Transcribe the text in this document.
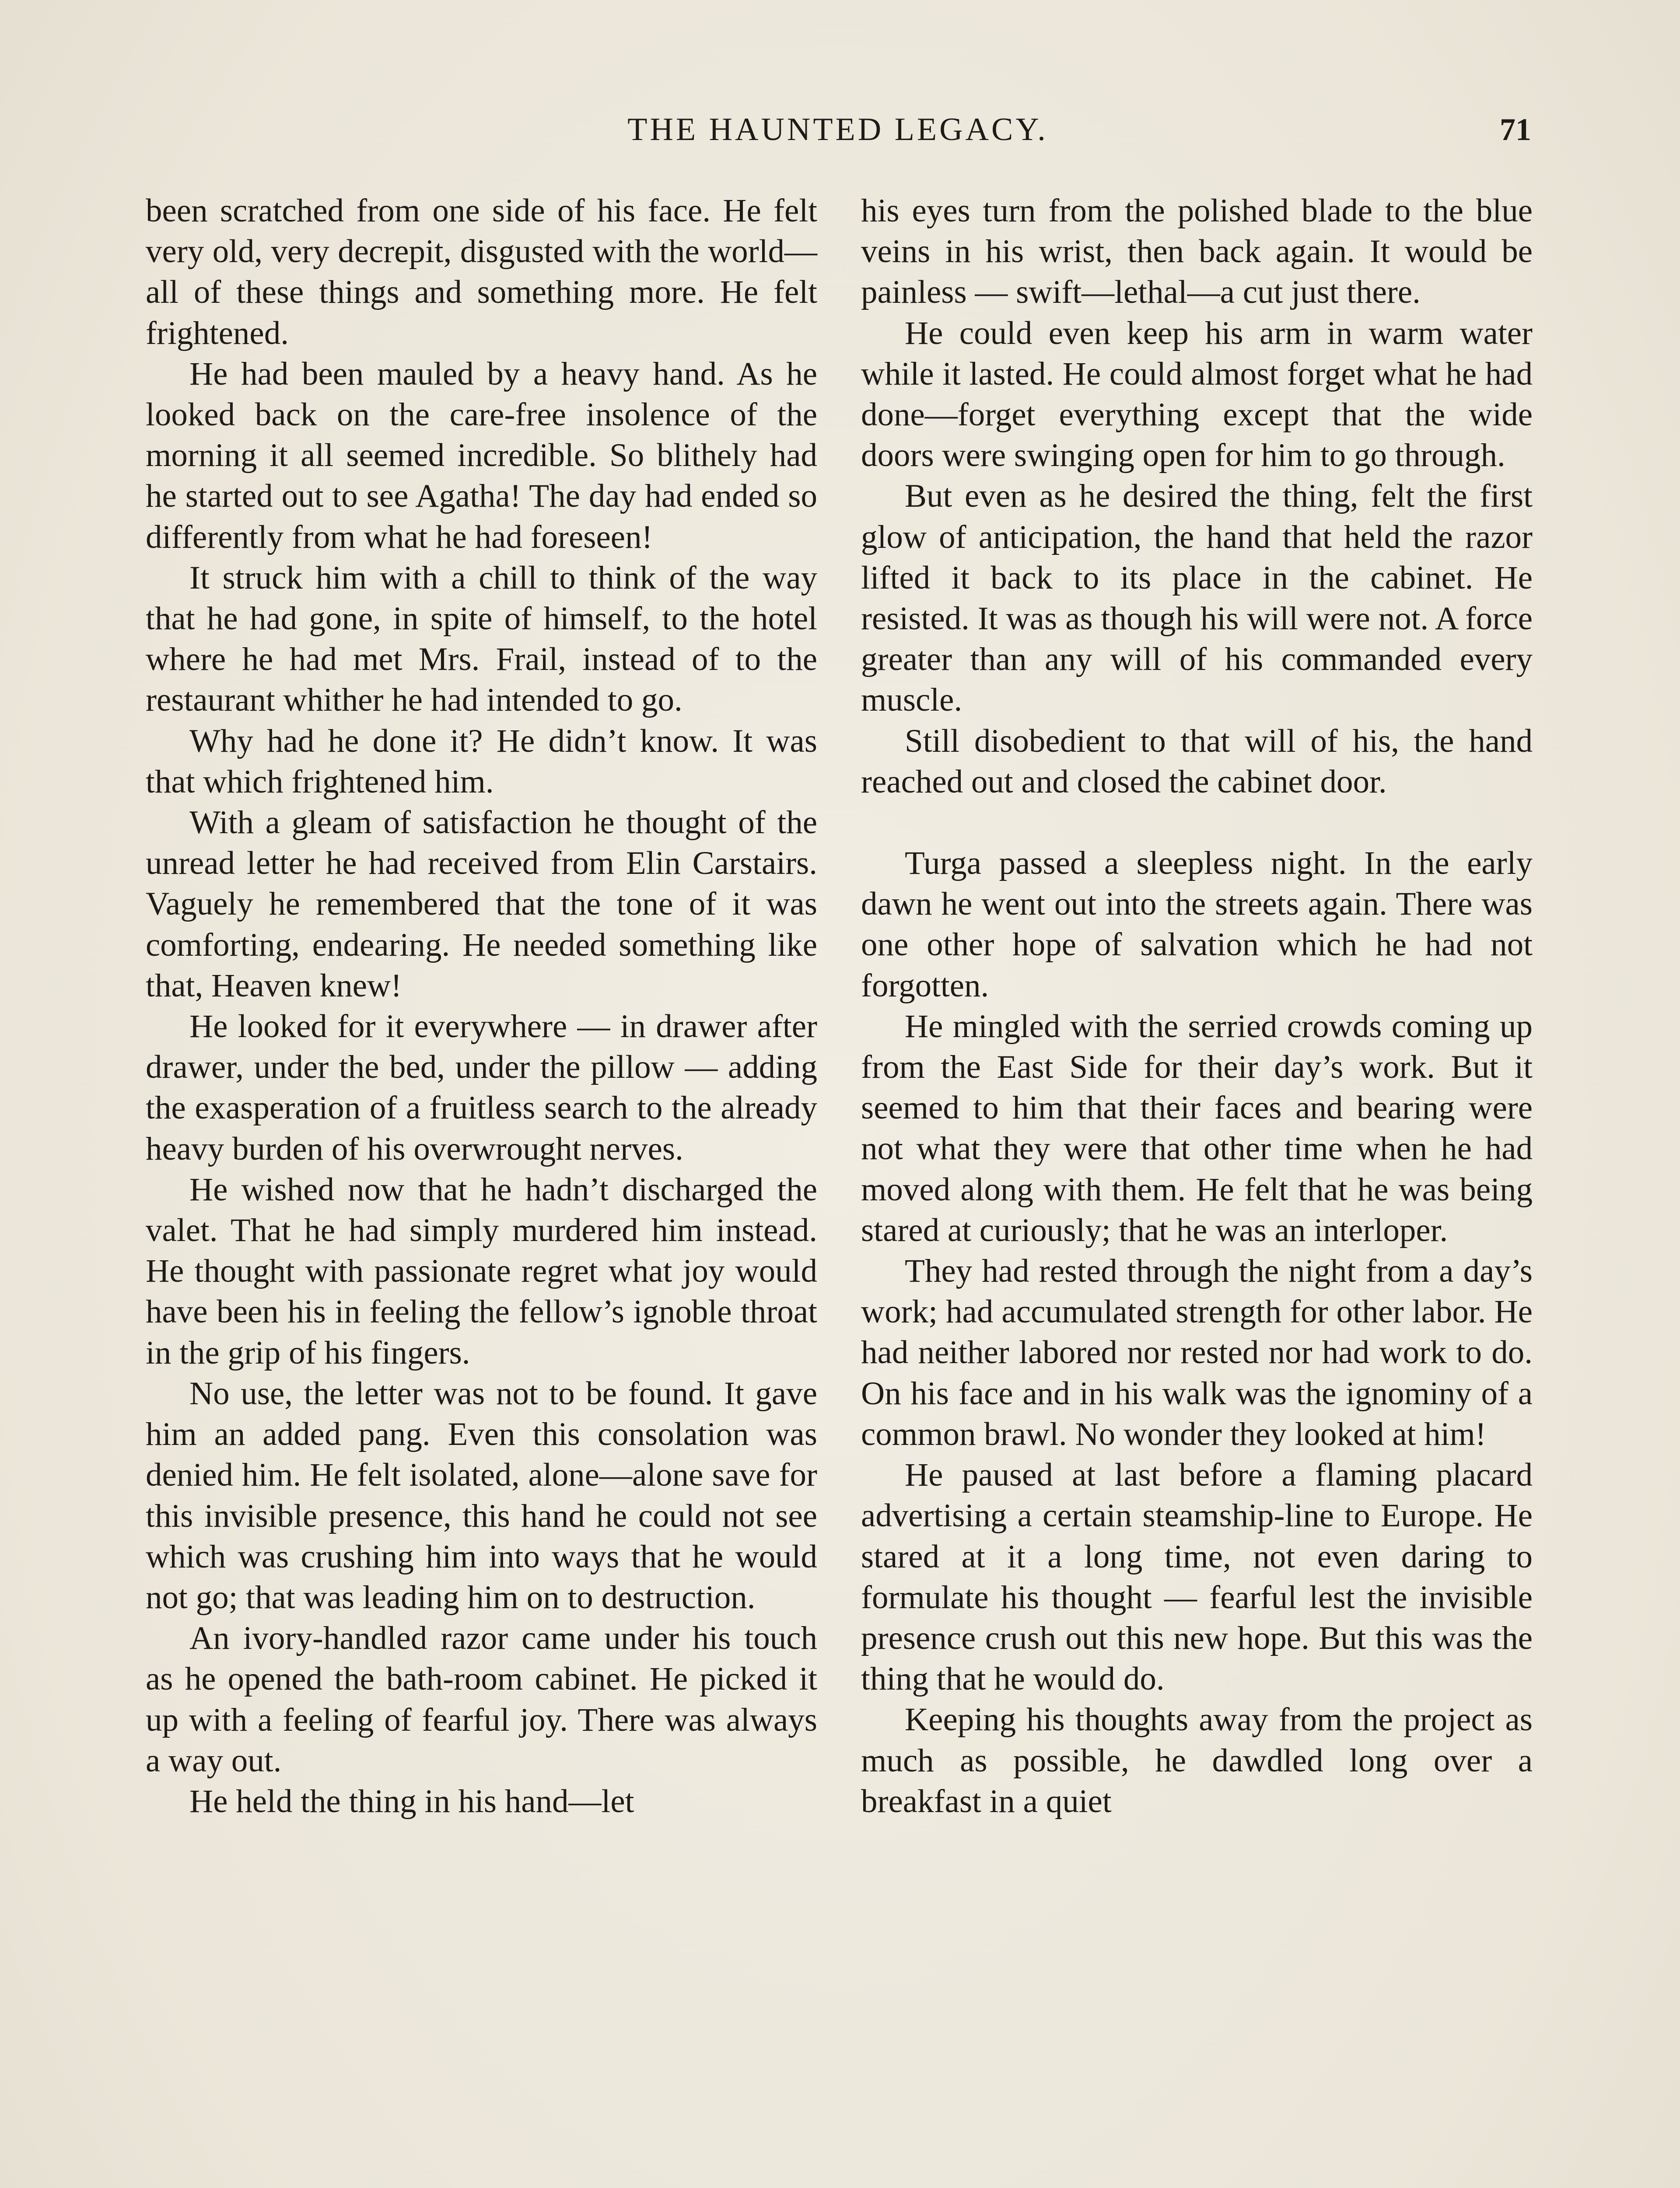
THE HAUNTED LEGACY.	71

been scratched from one side of his face. He felt very old, very decrepit, disgusted with the world—all of these things and something more. He felt frightened.

He had been mauled by a heavy hand. As he looked back on the care-free insolence of the morning it all seemed incredible. So blithely had he started out to see Agatha! The day had ended so differently from what he had foreseen!

It struck him with a chill to think of the way that he had gone, in spite of himself, to the hotel where he had met Mrs. Frail, instead of to the restaurant whither he had intended to go.

Why had he done it? He didn’t know. It was that which frightened him.

With a gleam of satisfaction he thought of the unread letter he had received from Elin Carstairs. Vaguely he remembered that the tone of it was comforting, endearing. He needed something like that, Heaven knew!

He looked for it everywhere — in drawer after drawer, under the bed, under the pillow — adding the exasperation of a fruitless search to the already heavy burden of his overwrought nerves.

He wished now that he hadn’t discharged the valet. That he had simply murdered him instead. He thought with passionate regret what joy would have been his in feeling the fellow’s ignoble throat in the grip of his fingers.

No use, the letter was not to be found. It gave him an added pang. Even this consolation was denied him. He felt isolated, alone—alone save for this invisible presence, this hand he could not see which was crushing him into ways that he would not go; that was leading him on to destruction.

An ivory-handled razor came under his touch as he opened the bath-room cabinet. He picked it up with a feeling of fearful joy. There was always a way out.

He held the thing in his hand—let

his eyes turn from the polished blade to the blue veins in his wrist, then back again. It would be painless — swift—lethal—a cut just there.

He could even keep his arm in warm water while it lasted. He could almost forget what he had done—forget everything except that the wide doors were swinging open for him to go through.

But even as he desired the thing, felt the first glow of anticipation, the hand that held the razor lifted it back to its place in the cabinet. He resisted. It was as though his will were not. A force greater than any will of his commanded every muscle.

Still disobedient to that will of his, the hand reached out and closed the cabinet door.

Turga passed a sleepless night. In the early dawn he went out into the streets again. There was one other hope of salvation which he had not forgotten.

He mingled with the serried crowds coming up from the East Side for their day’s work. But it seemed to him that their faces and bearing were not what they were that other time when he had moved along with them. He felt that he was being stared at curiously; that he was an interloper.

They had rested through the night from a day’s work; had accumulated strength for other labor. He had neither labored nor rested nor had work to do. On his face and in his walk was the ignominy of a common brawl. No wonder they looked at him!

He paused at last before a flaming placard advertising a certain steamship-line to Europe. He stared at it a long time, not even daring to formulate his thought — fearful lest the invisible presence crush out this new hope. But this was the thing that he would do.

Keeping his thoughts away from the project as much as possible, he dawdled long over a breakfast in a quiet
